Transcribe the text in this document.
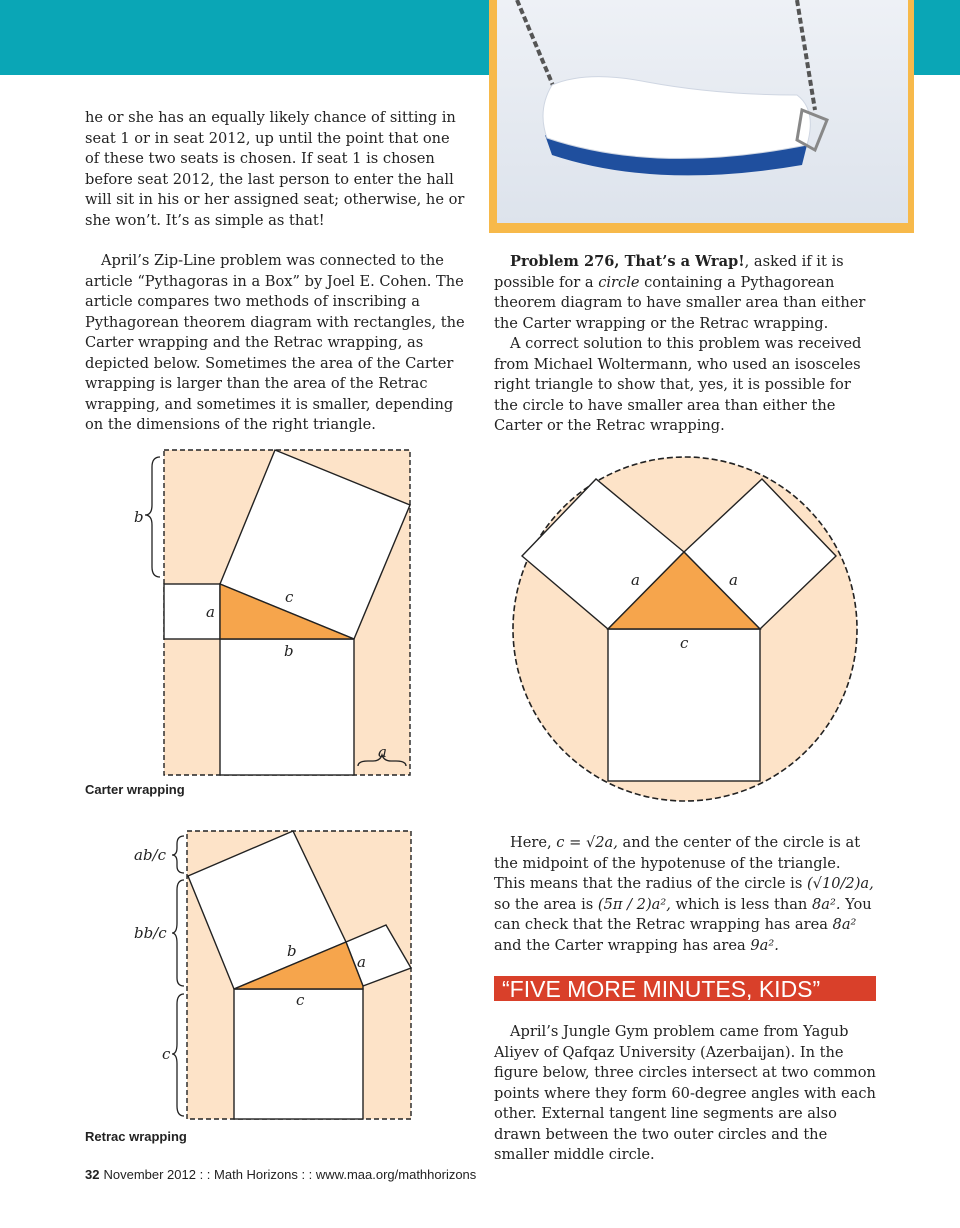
he or she has an equally likely chance of sitting in seat 1 or in seat 2012, up until the point that one of these two seats is chosen. If seat 1 is chosen before seat 2012, the last person to enter the hall will sit in his or her assigned seat; otherwise, he or she won’t. It’s as simple as that!

April’s Zip-Line problem was connected to the article “Pythagoras in a Box” by Joel E. Cohen. The article compares two methods of inscribing a Pythagorean theorem diagram with rectangles, the Carter wrapping and the Retrac wrapping, as depicted below. Sometimes the area of the Carter wrapping is larger than the area of the Retrac wrapping, and sometimes it is smaller, depending on the dimensions of the right triangle.

Problem 276, That’s a Wrap!, asked if it is possible for a circle containing a Pythagorean theorem diagram to have smaller area than either the Carter wrapping or the Retrac wrapping.

A correct solution to this problem was received from Michael Woltermann, who used an isosceles right triangle to show that, yes, it is possible for the circle to have smaller area than either the Carter or the Retrac wrapping.

Here, c = √2a, and the center of the circle is at the midpoint of the hypotenuse of the triangle. This means that the radius of the circle is (√10/2)a, so the area is (5π / 2)a², which is less than 8a². You can check that the Retrac wrapping has area 8a² and the Carter wrapping has area 9a².

“FIVE MORE MINUTES, KIDS”

April’s Jungle Gym problem came from Yagub Aliyev of Qafqaz University (Azerbaijan). In the figure below, three circles intersect at two common points where they form 60-degree angles with each other. External tangent line segments are also drawn between the two outer circles and the smaller middle circle.

b
a
c
b
a
Carter wrapping
ab/c
bb/c
c
b
a
c
Retrac wrapping
a	a
c
32 November 2012 : : Math Horizons : : www.maa.org/mathhorizons
